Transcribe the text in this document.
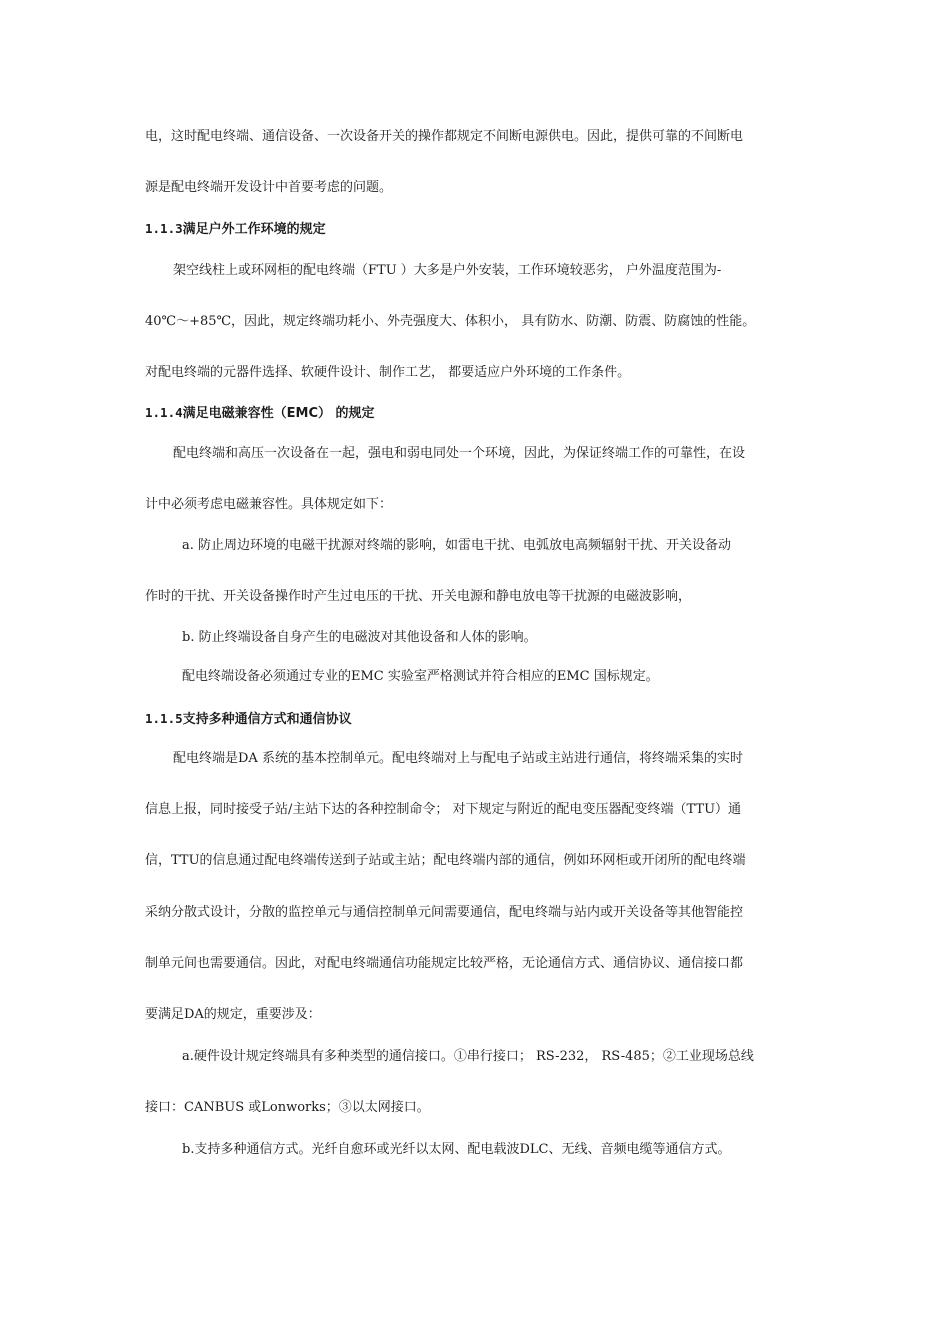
电，这时配电终端、通信设备、一次设备开关的操作都规定不间断电源供电。因此，提供可靠的不间断电
源是配电终端开发设计中首要考虑的问题。
1.1.3满足户外工作环境的规定
架空线柱上或环网柜的配电终端（FTU ）大多是户外安装，工作环境较恶劣， 户外温度范围为-
40℃～+85℃，因此，规定终端功耗小、外壳强度大、体积小， 具有防水、防潮、防震、防腐蚀的性能。
对配电终端的元器件选择、软硬件设计、制作工艺， 都要适应户外环境的工作条件。
1.1.4满足电磁兼容性（EMC） 的规定
配电终端和高压一次设备在一起，强电和弱电同处一个环境，因此，为保证终端工作的可靠性，在设
计中必须考虑电磁兼容性。具体规定如下：
a. 防止周边环境的电磁干扰源对终端的影响，如雷电干扰、电弧放电高频辐射干扰、开关设备动
作时的干扰、开关设备操作时产生过电压的干扰、开关电源和静电放电等干扰源的电磁波影响，
b. 防止终端设备自身产生的电磁波对其他设备和人体的影响。
配电终端设备必须通过专业的EMC 实验室严格测试并符合相应的EMC 国标规定。
1.1.5支持多种通信方式和通信协议
配电终端是DA 系统的基本控制单元。配电终端对上与配电子站或主站进行通信，将终端采集的实时
信息上报，同时接受子站/主站下达的各种控制命令； 对下规定与附近的配电变压器配变终端（TTU）通
信，TTU的信息通过配电终端传送到子站或主站；配电终端内部的通信，例如环网柜或开闭所的配电终端
采纳分散式设计，分散的监控单元与通信控制单元间需要通信，配电终端与站内或开关设备等其他智能控
制单元间也需要通信。因此，对配电终端通信功能规定比较严格，无论通信方式、通信协议、通信接口都
要满足DA的规定，重要涉及：
a.硬件设计规定终端具有多种类型的通信接口。①串行接口； RS-232， RS-485；②工业现场总线
接口：CANBUS 或Lonworks；③以太网接口。
b.支持多种通信方式。光纤自愈环或光纤以太网、配电载波DLC、无线、音频电缆等通信方式。
